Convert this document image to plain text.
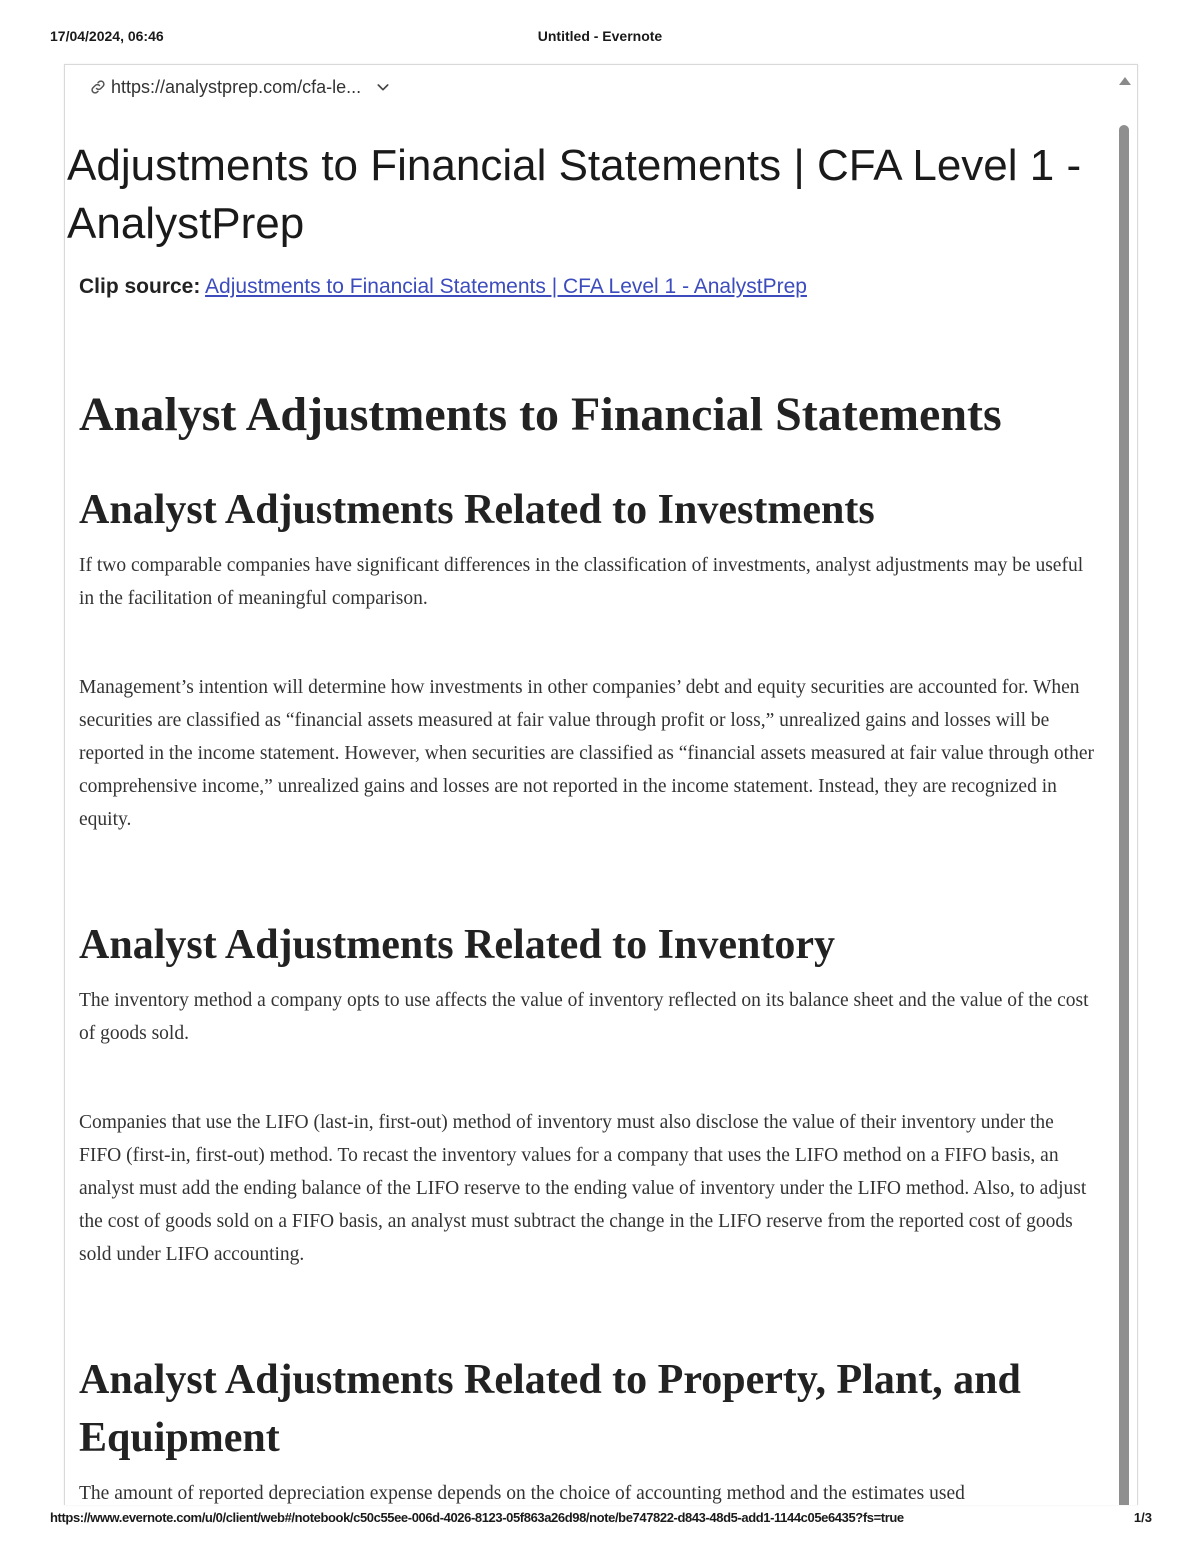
17/04/2024, 06:46	Untitled - Evernote
https://analystprep.com/cfa-le...
Adjustments to Financial Statements | CFA Level 1 - AnalystPrep
Clip source: Adjustments to Financial Statements | CFA Level 1 - AnalystPrep
Analyst Adjustments to Financial Statements
Analyst Adjustments Related to Investments

If two comparable companies have significant differences in the classification of investments, analyst adjustments may be useful in the facilitation of meaningful comparison.

Management’s intention will determine how investments in other companies’ debt and equity securities are accounted for. When securities are classified as “financial assets measured at fair value through profit or loss,” unrealized gains and losses will be reported in the income statement. However, when securities are classified as “financial assets measured at fair value through other comprehensive income,” unrealized gains and losses are not reported in the income statement. Instead, they are recognized in equity.

Analyst Adjustments Related to Inventory

The inventory method a company opts to use affects the value of inventory reflected on its balance sheet and the value of the cost of goods sold.

Companies that use the LIFO (last-in, first-out) method of inventory must also disclose the value of their inventory under the FIFO (first-in, first-out) method. To recast the inventory values for a company that uses the LIFO method on a FIFO basis, an analyst must add the ending balance of the LIFO reserve to the ending value of inventory under the LIFO method. Also, to adjust the cost of goods sold on a FIFO basis, an analyst must subtract the change in the LIFO reserve from the reported cost of goods sold under LIFO accounting.

Analyst Adjustments Related to Property, Plant, and Equipment

The amount of reported depreciation expense depends on the choice of accounting method and the estimates used

https://www.evernote.com/u/0/client/web#/notebook/c50c55ee-006d-4026-8123-05f863a26d98/note/be747822-d843-48d5-add1-1144c05e6435?fs=true	1/3
